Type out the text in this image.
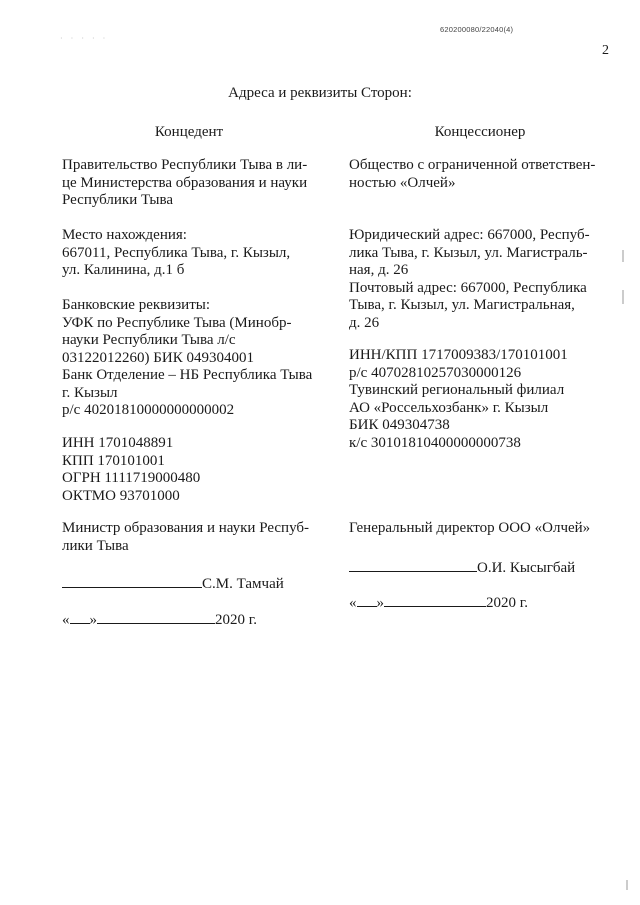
· · · · ·
620200080/22040(4)
2
Адреса и реквизиты Сторон:
Концедент	Концессионер
Правительство Республики Тыва в ли-
це Министерства образования и науки
Республики Тыва
Место нахождения:
667011, Республика Тыва, г. Кызыл,
ул. Калинина, д.1 б
Банковские реквизиты:
УФК по Республике Тыва (Минобр-
науки Республики Тыва л/с
03122012260) БИК 049304001
Банк Отделение – НБ Республика Тыва
г. Кызыл
р/с 40201810000000000002
ИНН 1701048891
КПП 170101001
ОГРН 1111719000480
ОКТМО 93701000
Министр образования и науки Респуб-
лики Тыва
С.М. Тамчай
« »	2020 г.
Общество с ограниченной ответствен-
ностью «Олчей»
Юридический адрес: 667000, Респуб-
лика Тыва, г. Кызыл, ул. Магистраль-
ная, д. 26
Почтовый адрес: 667000, Республика
Тыва, г. Кызыл, ул. Магистральная,
д. 26
ИНН/КПП 1717009383/170101001
р/с 40702810257030000126
Тувинский региональный филиал
АО «Россельхозбанк» г. Кызыл
БИК 049304738
к/с 30101810400000000738
Генеральный директор ООО «Олчей»
О.И. Кысыгбай
« »	2020 г.
